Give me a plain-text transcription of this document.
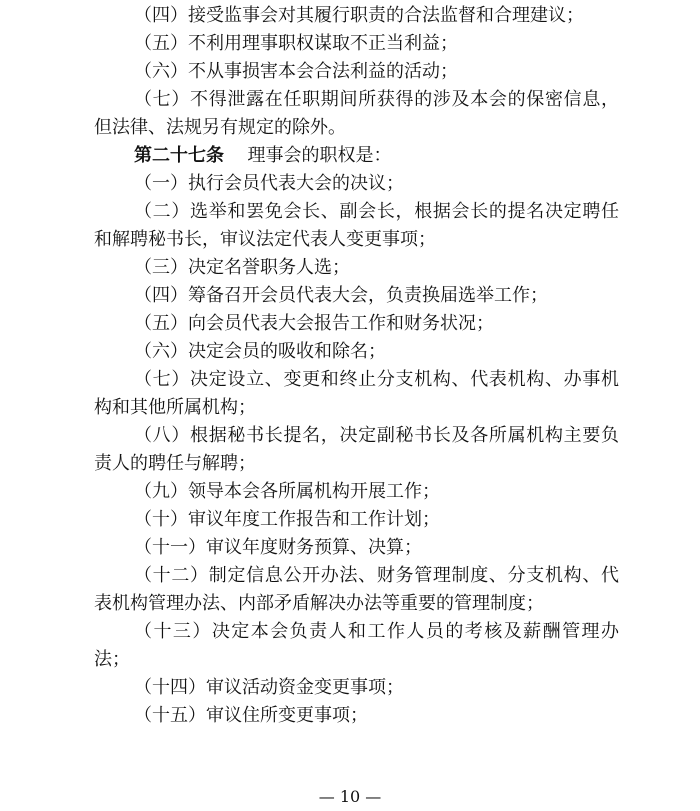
（四）接受监事会对其履行职责的合法监督和合理建议；
（五）不利用理事职权谋取不正当利益；
（六）不从事损害本会合法利益的活动；
（七）不得泄露在任职期间所获得的涉及本会的保密信息，
但法律、法规另有规定的除外。
第二十七条 理事会的职权是：
（一）执行会员代表大会的决议；
（二）选举和罢免会长、副会长，根据会长的提名决定聘任
和解聘秘书长，审议法定代表人变更事项；
（三）决定名誉职务人选；
（四）筹备召开会员代表大会，负责换届选举工作；
（五）向会员代表大会报告工作和财务状况；
（六）决定会员的吸收和除名；
（七）决定设立、变更和终止分支机构、代表机构、办事机
构和其他所属机构；
（八）根据秘书长提名，决定副秘书长及各所属机构主要负
责人的聘任与解聘；
（九）领导本会各所属机构开展工作；
（十）审议年度工作报告和工作计划；
（十一）审议年度财务预算、决算；
（十二）制定信息公开办法、财务管理制度、分支机构、代
表机构管理办法、内部矛盾解决办法等重要的管理制度；
（十三）决定本会负责人和工作人员的考核及薪酬管理办
法；
（十四）审议活动资金变更事项；
（十五）审议住所变更事项；
— 10 —
